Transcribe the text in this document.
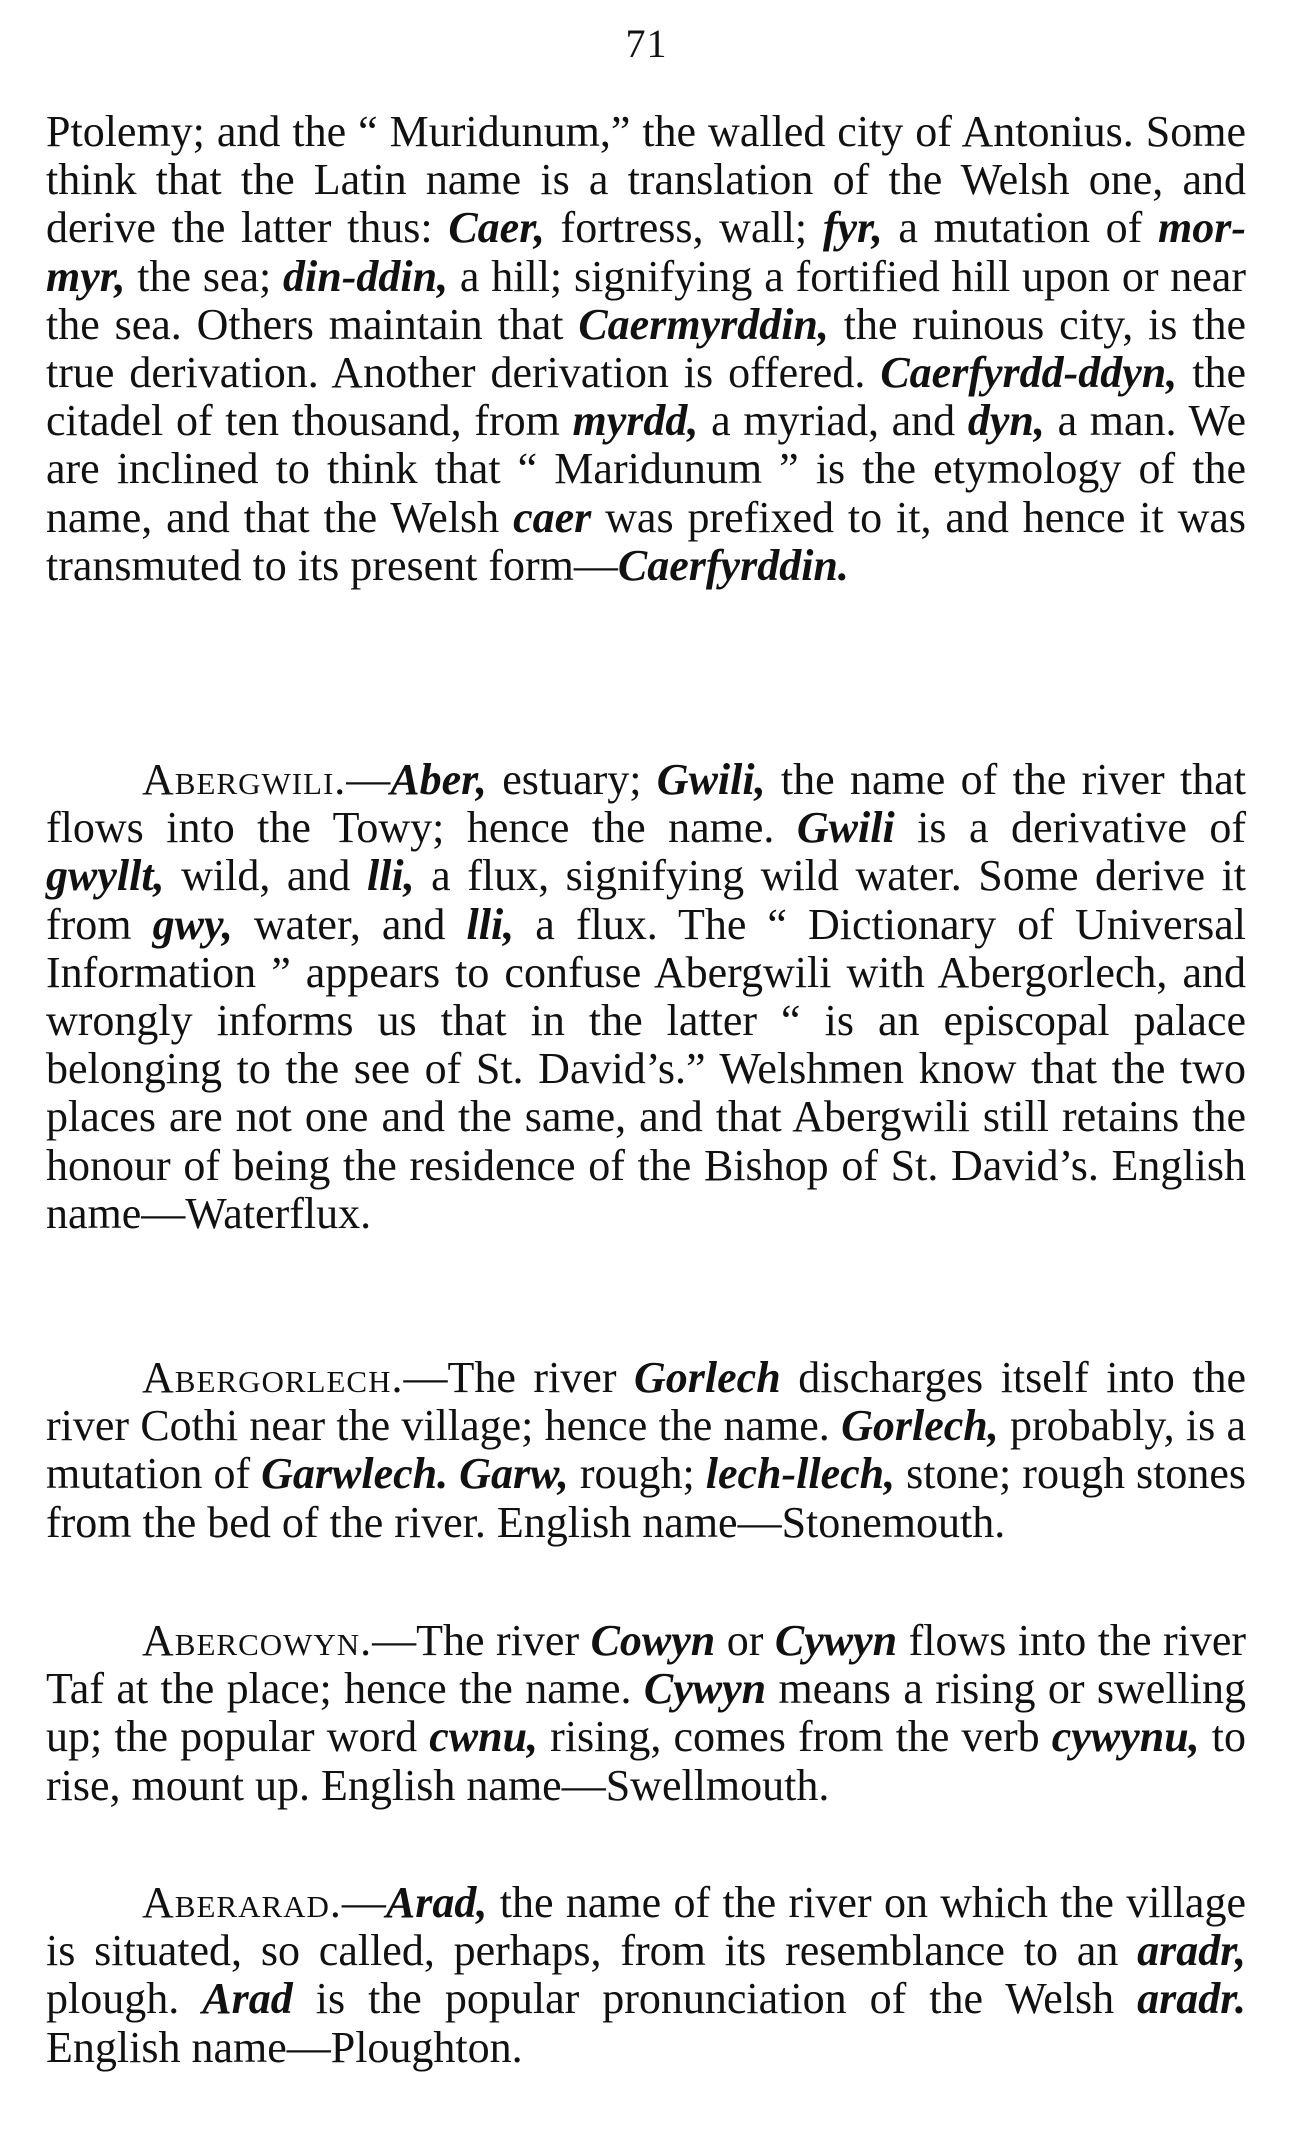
71

Ptolemy; and the “ Muridunum,” the walled city of Antonius. Some think that the Latin name is a translation of the Welsh one, and derive the latter thus: Caer, fortress, wall; fyr, a mutation of mor-myr, the sea; din-ddin, a hill; signifying a fortified hill upon or near the sea. Others maintain that Caermyrddin, the ruinous city, is the true derivation. Another derivation is offered. Caerfyrdd-ddyn, the citadel of ten thousand, from myrdd, a myriad, and dyn, a man. We are inclined to think that “ Maridunum ” is the etymology of the name, and that the Welsh caer was prefixed to it, and hence it was transmuted to its present form—Caerfyrddin.

Abergwili.—Aber, estuary; Gwili, the name of the river that flows into the Towy; hence the name. Gwili is a derivative of gwyllt, wild, and lli, a flux, signifying wild water. Some derive it from gwy, water, and lli, a flux. The “ Dictionary of Universal Information ” appears to confuse Abergwili with Abergorlech, and wrongly informs us that in the latter “ is an episcopal palace belonging to the see of St. David’s.” Welshmen know that the two places are not one and the same, and that Abergwili still retains the honour of being the residence of the Bishop of St. David’s. English name—Waterflux.

Abergorlech.—The river Gorlech discharges itself into the river Cothi near the village; hence the name. Gorlech, probably, is a mutation of Garwlech. Garw, rough; lech-llech, stone; rough stones from the bed of the river. English name—Stonemouth.

Abercowyn.—The river Cowyn or Cywyn flows into the river Taf at the place; hence the name. Cywyn means a rising or swelling up; the popular word cwnu, rising, comes from the verb cywynu, to rise, mount up. English name—Swellmouth.

Aberarad.—Arad, the name of the river on which the village is situated, so called, perhaps, from its resemblance to an aradr, plough. Arad is the popular pronunciation of the Welsh aradr. English name—Ploughton.
